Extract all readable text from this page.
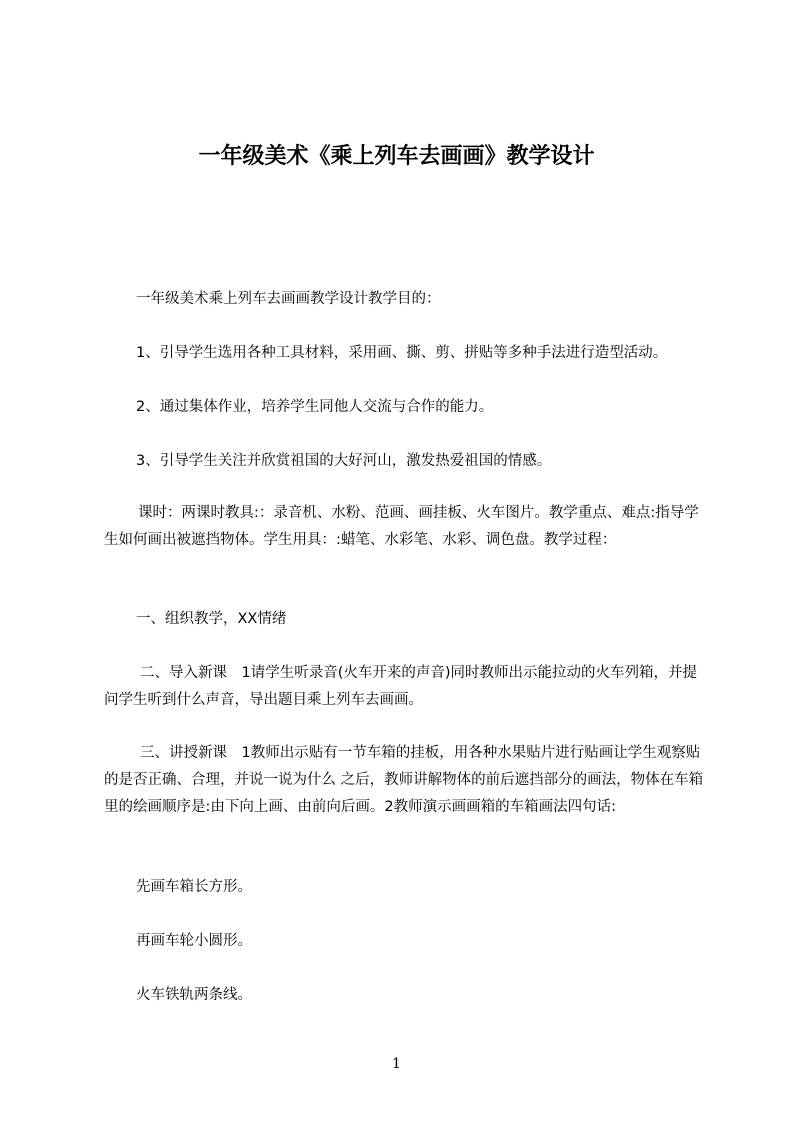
一年级美术《乘上列车去画画》教学设计

一年级美术乘上列车去画画教学设计教学目的：

1、引导学生选用各种工具材料，采用画、撕、剪、拼贴等多种手法进行造型活动。

2、通过集体作业，培养学生同他人交流与合作的能力。

3、引导学生关注并欣赏祖国的大好河山，激发热爱祖国的情感。

课时：两课时教具:：录音机、水粉、范画、画挂板、火车图片。教学重点、难点:指导学生如何画出被遮挡物体。学生用具：:蜡笔、水彩笔、水彩、调色盘。教学过程：

一、组织教学，XX情绪

二、导入新课　1请学生听录音(火车开来的声音)同时教师出示能拉动的火车列箱，并提问学生听到什么声音，导出题目乘上列车去画画。

三、讲授新课　1教师出示贴有一节车箱的挂板，用各种水果贴片进行贴画让学生观察贴的是否正确、合理，并说一说为什么 之后，教师讲解物体的前后遮挡部分的画法，物体在车箱里的绘画顺序是:由下向上画、由前向后画。2教师演示画画箱的车箱画法四句话:

先画车箱长方形。

再画车轮小圆形。

火车铁轨两条线。

1
